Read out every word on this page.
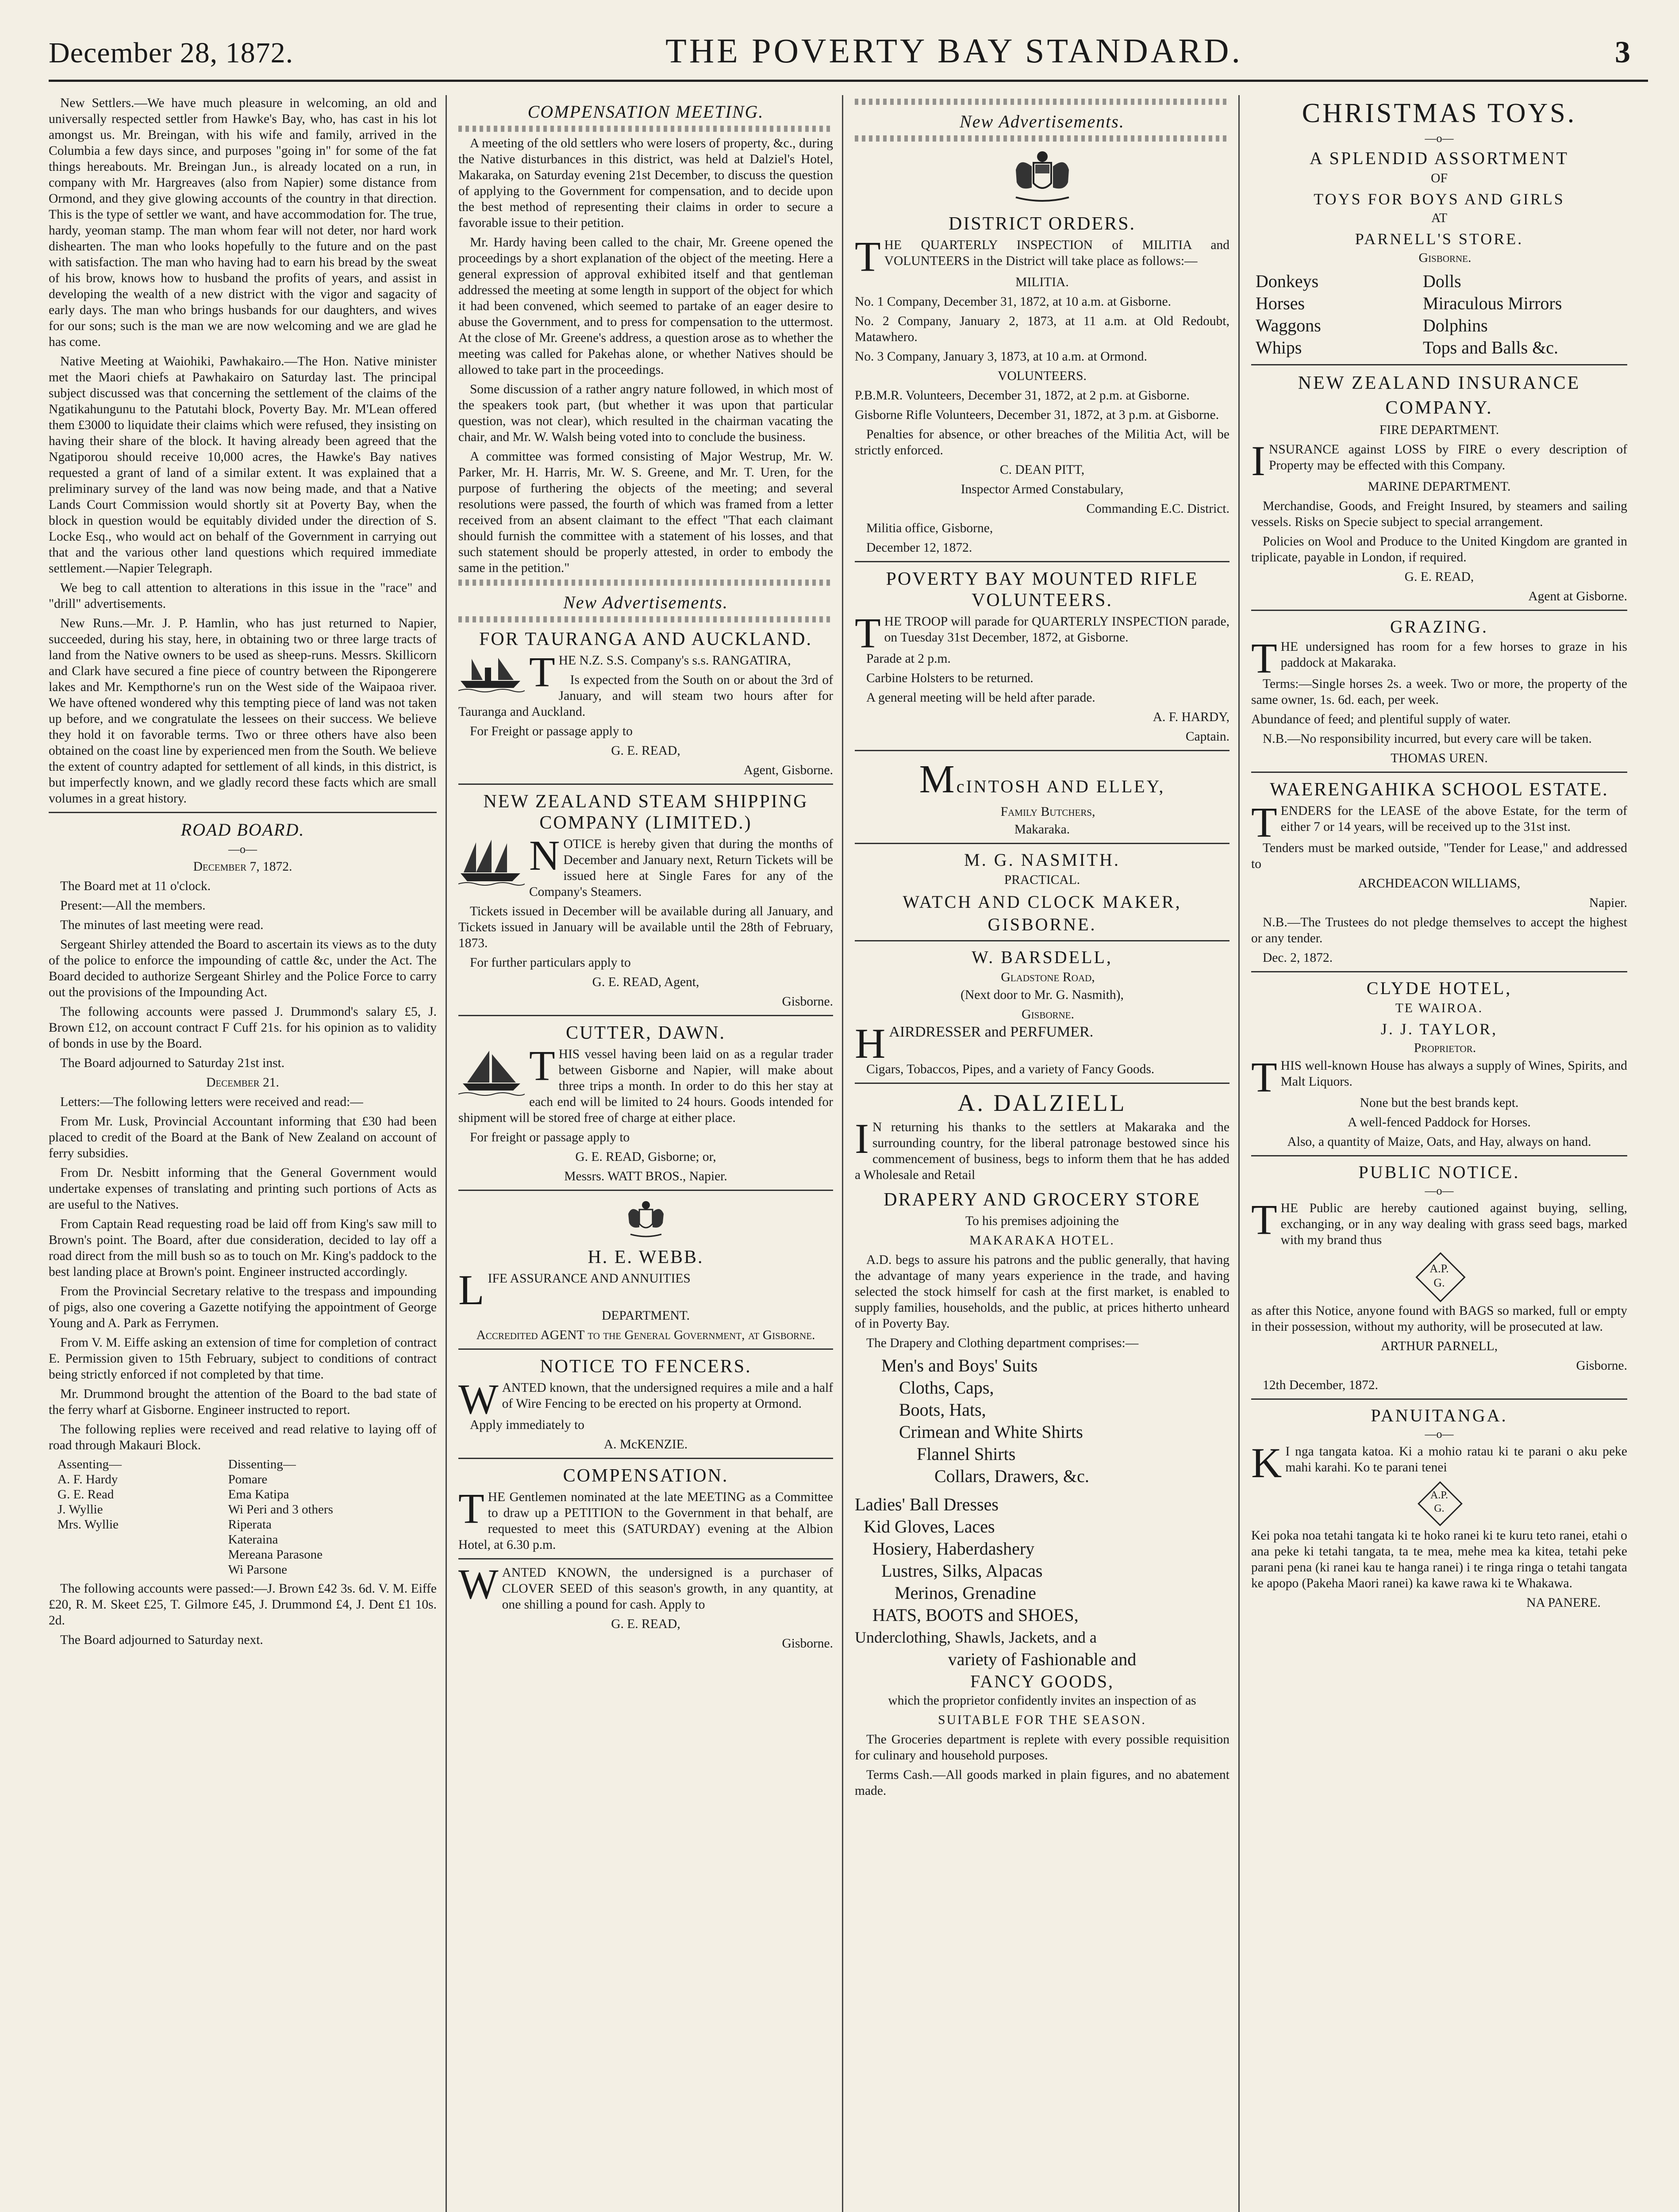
December 28, 1872.	THE POVERTY BAY STANDARD.	3

New Settlers.—We have much pleasure in welcoming, an old and universally respected settler from Hawke's Bay, who, has cast in his lot amongst us. Mr. Breingan, with his wife and family, arrived in the Columbia a few days since, and purposes "going in" for some of the fat things hereabouts. Mr. Breingan Jun., is already located on a run, in company with Mr. Hargreaves (also from Napier) some distance from Ormond, and they give glowing accounts of the country in that direction. This is the type of settler we want, and have accommodation for. The true, hardy, yeoman stamp. The man whom fear will not deter, nor hard work dishearten. The man who looks hopefully to the future and on the past with satisfaction. The man who having had to earn his bread by the sweat of his brow, knows how to husband the profits of years, and assist in developing the wealth of a new district with the vigor and sagacity of early days. The man who brings husbands for our daughters, and wives for our sons; such is the man we are now welcoming and we are glad he has come.

Native Meeting at Waiohiki, Pawhakairo.—The Hon. Native minister met the Maori chiefs at Pawhakairo on Saturday last. The principal subject discussed was that concerning the settlement of the claims of the Ngatikahungunu to the Patutahi block, Poverty Bay. Mr. M'Lean offered them £3000 to liquidate their claims which were refused, they insisting on having their share of the block. It having already been agreed that the Ngatiporou should receive 10,000 acres, the Hawke's Bay natives requested a grant of land of a similar extent. It was explained that a preliminary survey of the land was now being made, and that a Native Lands Court Commission would shortly sit at Poverty Bay, when the block in question would be equitably divided under the direction of S. Locke Esq., who would act on behalf of the Government in carrying out that and the various other land questions which required immediate settlement.—Napier Telegraph.

We beg to call attention to alterations in this issue in the "race" and "drill" advertisements.

New Runs.—Mr. J. P. Hamlin, who has just returned to Napier, succeeded, during his stay, here, in obtaining two or three large tracts of land from the Native owners to be used as sheep-runs. Messrs. Skillicorn and Clark have secured a fine piece of country between the Ripongerere lakes and Mr. Kempthorne's run on the West side of the Waipaoa river. We have oftened wondered why this tempting piece of land was not taken up before, and we congratulate the lessees on their success. We believe they hold it on favorable terms. Two or three others have also been obtained on the coast line by experienced men from the South. We believe the extent of country adapted for settlement of all kinds, in this district, is but imperfectly known, and we gladly record these facts which are small volumes in a great history.

ROAD BOARD.
—o—

December 7, 1872.

The Board met at 11 o'clock.

Present:—All the members.

The minutes of last meeting were read.

Sergeant Shirley attended the Board to ascertain its views as to the duty of the police to enforce the impounding of cattle &c, under the Act. The Board decided to authorize Sergeant Shirley and the Police Force to carry out the provisions of the Impounding Act.

The following accounts were passed J. Drummond's salary £5, J. Brown £12, on account contract F Cuff 21s. for his opinion as to validity of bonds in use by the Board.

The Board adjourned to Saturday 21st inst.

December 21.

Letters:—The following letters were received and read:—

From Mr. Lusk, Provincial Accountant informing that £30 had been placed to credit of the Board at the Bank of New Zealand on account of ferry subsidies.

From Dr. Nesbitt informing that the General Government would undertake expenses of translating and printing such portions of Acts as are useful to the Natives.

From Captain Read requesting road be laid off from King's saw mill to Brown's point. The Board, after due consideration, decided to lay off a road direct from the mill bush so as to touch on Mr. King's paddock to the best landing place at Brown's point. Engineer instructed accordingly.

From the Provincial Secretary relative to the trespass and impounding of pigs, also one covering a Gazette notifying the appointment of George Young and A. Park as Ferrymen.

From V. M. Eiffe asking an extension of time for completion of contract E. Permission given to 15th February, subject to conditions of contract being strictly enforced if not completed by that time.

Mr. Drummond brought the attention of the Board to the bad state of the ferry wharf at Gisborne. Engineer instructed to report.

The following replies were received and read relative to laying off of road through Makauri Block.

Assenting—
A. F. Hardy
G. E. Read
J. Wyllie
Mrs. Wyllie
Dissenting—
Pomare
Ema Katipa
Wi Peri and 3 others
Riperata
Kateraina
Mereana Parasone
Wi Parsone

The following accounts were passed:—J. Brown £42 3s. 6d. V. M. Eiffe £20, R. M. Skeet £25, T. Gilmore £45, J. Drummond £4, J. Dent £1 10s. 2d.

The Board adjourned to Saturday next.

COMPENSATION MEETING.

A meeting of the old settlers who were losers of property, &c., during the Native disturbances in this district, was held at Dalziel's Hotel, Makaraka, on Saturday evening 21st December, to discuss the question of applying to the Government for compensation, and to decide upon the best method of representing their claims in order to secure a favorable issue to their petition.

Mr. Hardy having been called to the chair, Mr. Greene opened the proceedings by a short explanation of the object of the meeting. Here a general expression of approval exhibited itself and that gentleman addressed the meeting at some length in support of the object for which it had been convened, which seemed to partake of an eager desire to abuse the Government, and to press for compensation to the uttermost. At the close of Mr. Greene's address, a question arose as to whether the meeting was called for Pakehas alone, or whether Natives should be allowed to take part in the proceedings.

Some discussion of a rather angry nature followed, in which most of the speakers took part, (but whether it was upon that particular question, was not clear), which resulted in the chairman vacating the chair, and Mr. W. Walsh being voted into to conclude the business.

A committee was formed consisting of Major Westrup, Mr. W. Parker, Mr. H. Harris, Mr. W. S. Greene, and Mr. T. Uren, for the purpose of furthering the objects of the meeting; and several resolutions were passed, the fourth of which was framed from a letter received from an absent claimant to the effect "That each claimant should furnish the committee with a statement of his losses, and that such statement should be properly attested, in order to embody the same in the petition."

New Advertisements.
FOR TAURANGA AND AUCKLAND.

THE N.Z. S.S. Company's s.s. RANGATIRA,

Is expected from the South on or about the 3rd of January, and will steam two hours after for Tauranga and Auckland.

For Freight or passage apply to

G. E. READ,

Agent, Gisborne.

NEW ZEALAND STEAM SHIPPING COMPANY (LIMITED.)

NOTICE is hereby given that during the months of December and January next, Return Tickets will be issued here at Single Fares for any of the Company's Steamers.

Tickets issued in December will be available during all January, and Tickets issued in January will be available until the 28th of February, 1873.

For further particulars apply to

G. E. READ, Agent,

Gisborne.

CUTTER, DAWN.

THIS vessel having been laid on as a regular trader between Gisborne and Napier, will make about three trips a month. In order to do this her stay at each end will be limited to 24 hours. Goods intended for shipment will be stored free of charge at either place.

For freight or passage apply to

G. E. READ, Gisborne; or,

Messrs. WATT BROS., Napier.

H. E. WEBB.

LIFE ASSURANCE AND ANNUITIES

DEPARTMENT.

Accredited AGENT to the General Government, at Gisborne.

NOTICE TO FENCERS.

WANTED known, that the undersigned requires a mile and a half of Wire Fencing to be erected on his property at Ormond.

Apply immediately to

A. McKENZIE.

COMPENSATION.

THE Gentlemen nominated at the late MEETING as a Committee to draw up a PETITION to the Government in that behalf, are requested to meet this (SATURDAY) evening at the Albion Hotel, at 6.30 p.m.

WANTED KNOWN, the undersigned is a purchaser of CLOVER SEED of this season's growth, in any quantity, at one shilling a pound for cash. Apply to

G. E. READ,

Gisborne.

New Advertisements.
DISTRICT ORDERS.

THE QUARTERLY INSPECTION of MILITIA and VOLUNTEERS in the District will take place as follows:—

MILITIA.

No. 1 Company, December 31, 1872, at 10 a.m. at Gisborne.

No. 2 Company, January 2, 1873, at 11 a.m. at Old Redoubt, Matawhero.

No. 3 Company, January 3, 1873, at 10 a.m. at Ormond.

VOLUNTEERS.

P.B.M.R. Volunteers, December 31, 1872, at 2 p.m. at Gisborne.

Gisborne Rifle Volunteers, December 31, 1872, at 3 p.m. at Gisborne.

Penalties for absence, or other breaches of the Militia Act, will be strictly enforced.

C. DEAN PITT,

Inspector Armed Constabulary,

Commanding E.C. District.

Militia office, Gisborne,

December 12, 1872.

POVERTY BAY MOUNTED RIFLE VOLUNTEERS.

THE TROOP will parade for QUARTERLY INSPECTION parade, on Tuesday 31st December, 1872, at Gisborne.

Parade at 2 p.m.

Carbine Holsters to be returned.

A general meeting will be held after parade.

A. F. HARDY,

Captain.

McINTOSH AND ELLEY,

Family Butchers,

Makaraka.

M. G. NASMITH.

PRACTICAL.

WATCH AND CLOCK MAKER,
GISBORNE.
W. BARSDELL,

Gladstone Road,

(Next door to Mr. G. Nasmith),

Gisborne.

HAIRDRESSER and PERFUMER.

Cigars, Tobaccos, Pipes, and a variety of Fancy Goods.

A. DALZIELL

I N returning his thanks to the settlers at Makaraka and the surrounding country, for the liberal patronage bestowed since his commencement of business, begs to inform them that he has added a Wholesale and Retail

DRAPERY AND GROCERY STORE

To his premises adjoining the

MAKARAKA HOTEL.

A.D. begs to assure his patrons and the public generally, that having the advantage of many years experience in the trade, and having selected the stock himself for cash at the first market, is enabled to supply families, households, and the public, at prices hitherto unheard of in Poverty Bay.

The Drapery and Clothing department comprises:—

Men's and Boys' Suits
Cloths, Caps,
Boots, Hats,
Crimean and White Shirts
Flannel Shirts
Collars, Drawers, &c.
Ladies' Ball Dresses
Kid Gloves, Laces
Hosiery, Haberdashery
Lustres, Silks, Alpacas
Merinos, Grenadine
HATS, BOOTS and SHOES,
Underclothing, Shawls, Jackets, and a
variety of Fashionable and
FANCY GOODS,

which the proprietor confidently invites an inspection of as

SUITABLE FOR THE SEASON.

The Groceries department is replete with every possible requisition for culinary and household purposes.

Terms Cash.—All goods marked in plain figures, and no abatement made.

CHRISTMAS TOYS.
—o—
A SPLENDID ASSORTMENT

OF

TOYS FOR BOYS AND GIRLS

AT

PARNELL'S STORE.

Gisborne.

Donkeys
Horses
Waggons
Whips
Dolls
Miraculous Mirrors
Dolphins
Tops and Balls &c.
NEW ZEALAND INSURANCE COMPANY.

FIRE DEPARTMENT.

INSURANCE against LOSS by FIRE o every description of Property may be effected with this Company.

MARINE DEPARTMENT.

Merchandise, Goods, and Freight Insured, by steamers and sailing vessels. Risks on Specie subject to special arrangement.

Policies on Wool and Produce to the United Kingdom are granted in triplicate, payable in London, if required.

G. E. READ,

Agent at Gisborne.

GRAZING.

THE undersigned has room for a few horses to graze in his paddock at Makaraka.

Terms:—Single horses 2s. a week. Two or more, the property of the same owner, 1s. 6d. each, per week.

Abundance of feed; and plentiful supply of water.

N.B.—No responsibility incurred, but every care will be taken.

THOMAS UREN.

WAERENGAHIKA SCHOOL ESTATE.

TENDERS for the LEASE of the above Estate, for the term of either 7 or 14 years, will be received up to the 31st inst.

Tenders must be marked outside, "Tender for Lease," and addressed to

ARCHDEACON WILLIAMS,

Napier.

N.B.—The Trustees do not pledge themselves to accept the highest or any tender.

Dec. 2, 1872.

CLYDE HOTEL,

TE WAIROA.

J. J. TAYLOR,

Proprietor.

THIS well-known House has always a supply of Wines, Spirits, and Malt Liquors.

None but the best brands kept.

A well-fenced Paddock for Horses.

Also, a quantity of Maize, Oats, and Hay, always on hand.

PUBLIC NOTICE.
—o—

THE Public are hereby cautioned against buying, selling, exchanging, or in any way dealing with grass seed bags, marked with my brand thus

A.P.
G.

as after this Notice, anyone found with BAGS so marked, full or empty in their possession, without my authority, will be prosecuted at law.

ARTHUR PARNELL,

Gisborne.

12th December, 1872.

PANUITANGA.
—o—

K I nga tangata katoa. Ki a mohio ratau ki te parani o aku peke mahi karahi. Ko te parani tenei

A.P.
G.

Kei poka noa tetahi tangata ki te hoko ranei ki te kuru teto ranei, etahi o ana peke ki tetahi tangata, ta te mea, mehe mea ka kitea, tetahi peke parani pena (ki ranei kau te hanga ranei) i te ringa ringa o tetahi tangata ke apopo (Pakeha Maori ranei) ka kawe rawa ki te Whakawa.

NA PANERE.
